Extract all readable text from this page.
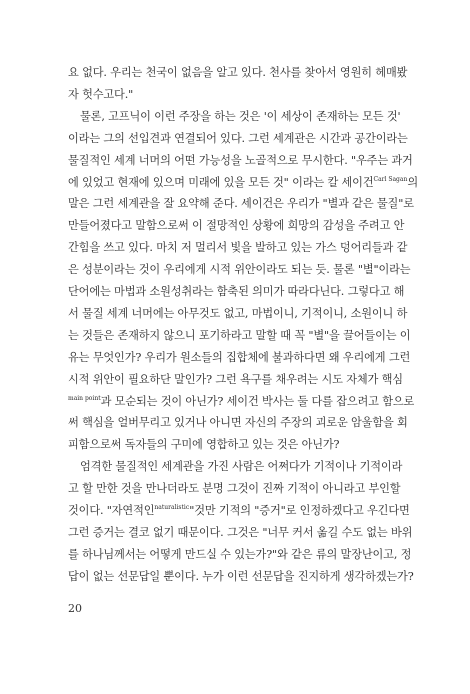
요 없다. 우리는 천국이 없음을 알고 있다. 천사를 찾아서 영원히 헤매봤
자 헛수고다."
물론, 고프닉이 이런 주장을 하는 것은 '이 세상이 존재하는 모든 것'
이라는 그의 선입견과 연결되어 있다. 그런 세계관은 시간과 공간이라는
물질적인 세계 너머의 어떤 가능성을 노골적으로 무시한다. "우주는 과거
에 있었고 현재에 있으며 미래에 있을 모든 것" 이라는 칼 세이건$^{Carl Sagan}$의
말은 그런 세계관을 잘 요약해 준다. 세이건은 우리가 "별과 같은 물질"로
만들어졌다고 말함으로써 이 절망적인 상황에 희망의 감성을 주려고 안
간힘을 쓰고 있다. 마치 저 멀리서 빛을 발하고 있는 가스 덩어리들과 같
은 성분이라는 것이 우리에게 시적 위안이라도 되는 듯. 물론 "별"이라는
단어에는 마법과 소원성취라는 함축된 의미가 따라다닌다. 그렇다고 해
서 물질 세계 너머에는 아무것도 없고, 마법이니, 기적이니, 소원이니 하
는 것들은 존재하지 않으니 포기하라고 말할 때 꼭 "별"을 끌어들이는 이
유는 무엇인가? 우리가 원소들의 집합체에 불과하다면 왜 우리에게 그런
시적 위안이 필요하단 말인가? 그런 욕구를 채우려는 시도 자체가 핵심
$^{main point}$과 모순되는 것이 아닌가? 세이건 박사는 둘 다를 잡으려고 함으로
써 핵심을 얼버무리고 있거나 아니면 자신의 주장의 괴로운 암울함을 회
피함으로써 독자들의 구미에 영합하고 있는 것은 아닌가?
엄격한 물질적인 세계관을 가진 사람은 어쩌다가 기적이나 기적이라
고 할 만한 것을 만나더라도 분명 그것이 진짜 기적이 아니라고 부인할
것이다. "자연적인$^{naturalistic}$"것만 기적의 "증거"로 인정하겠다고 우긴다면
그런 증거는 결코 없기 때문이다. 그것은 "너무 커서 옮길 수도 없는 바위
를 하나님께서는 어떻게 만드실 수 있는가?"와 같은 류의 말장난이고, 정
답이 없는 선문답일 뿐이다. 누가 이런 선문답을 진지하게 생각하겠는가?
20
